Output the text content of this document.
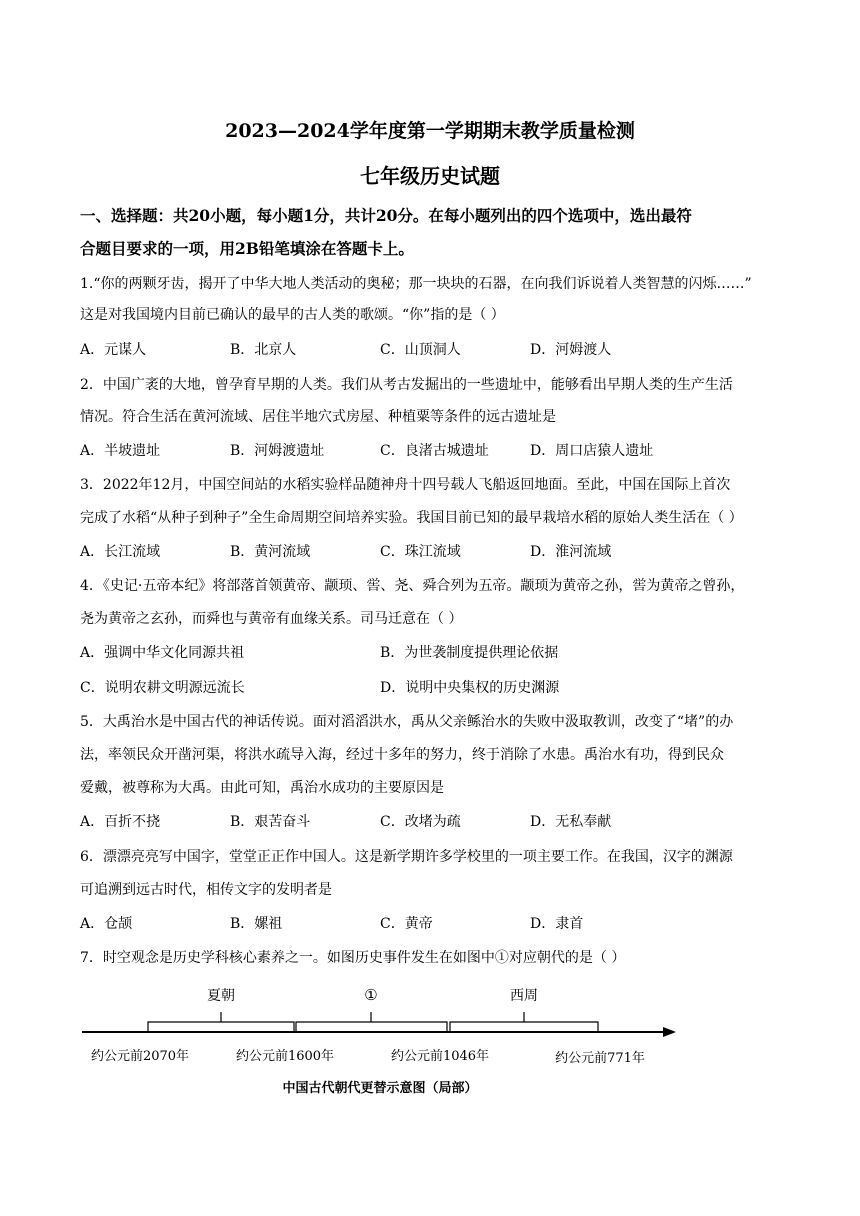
2023—2024学年度第一学期期末教学质量检测
七年级历史试题
一、选择题：共20小题，每小题1分，共计20分。在每小题列出的四个选项中，选出最符
合题目要求的一项，用2B铅笔填涂在答题卡上。
1.“你的两颗牙齿，揭开了中华大地人类活动的奥秘；那一块块的石器，在向我们诉说着人类智慧的闪烁……”
这是对我国境内目前已确认的最早的古人类的歌颂。“你”指的是（ ）
A．元谋人	B．北京人	C．山顶洞人	D．河姆渡人
2．中国广袤的大地，曾孕育早期的人类。我们从考古发掘出的一些遗址中，能够看出早期人类的生产生活
情况。符合生活在黄河流域、居住半地穴式房屋、种植粟等条件的远古遗址是
A．半坡遗址	B．河姆渡遗址	C．良渚古城遗址	D．周口店猿人遗址
3．2022年12月，中国空间站的水稻实验样品随神舟十四号载人飞船返回地面。至此，中国在国际上首次
完成了水稻“从种子到种子”全生命周期空间培养实验。我国目前已知的最早栽培水稻的原始人类生活在（ ）
A．长江流域	B．黄河流域	C．珠江流域	D．淮河流域
4．《史记·五帝本纪》将部落首领黄帝、颛顼、喾、尧、舜合列为五帝。颛顼为黄帝之孙，喾为黄帝之曾孙，
尧为黄帝之玄孙，而舜也与黄帝有血缘关系。司马迁意在（ ）
A．强调中华文化同源共祖	B．为世袭制度提供理论依据
C．说明农耕文明源远流长	D．说明中央集权的历史渊源
5．大禹治水是中国古代的神话传说。面对滔滔洪水，禹从父亲鲧治水的失败中汲取教训，改变了“堵”的办
法，率领民众开凿河渠，将洪水疏导入海，经过十多年的努力，终于消除了水患。禹治水有功，得到民众
爱戴，被尊称为大禹。由此可知，禹治水成功的主要原因是
A．百折不挠	B．艰苦奋斗	C．改堵为疏	D．无私奉献
6．漂漂亮亮写中国字，堂堂正正作中国人。这是新学期许多学校里的一项主要工作。在我国，汉字的渊源
可追溯到远古时代，相传文字的发明者是
A．仓颉	B．嫘祖	C．黄帝	D．隶首
7．时空观念是历史学科核心素养之一。如图历史事件发生在如图中①对应朝代的是（ ）
夏朝	①	西周
约公元前2070年	约公元前1600年	约公元前1046年	约公元前771年
中国古代朝代更替示意图（局部）
